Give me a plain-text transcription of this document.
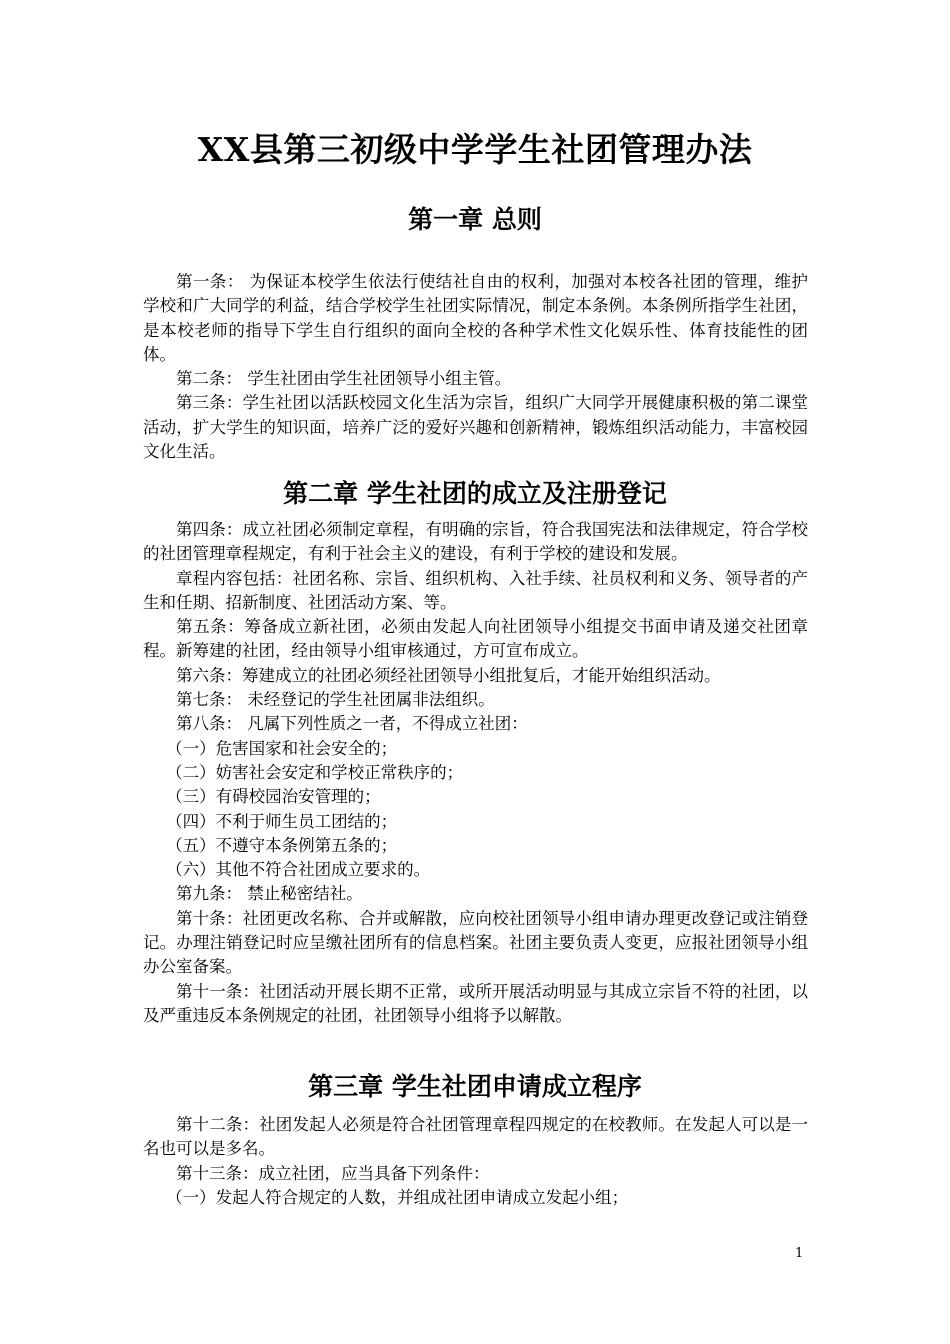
XX县第三初级中学学生社团管理办法
第一章 总则

第一条： 为保证本校学生依法行使结社自由的权利，加强对本校各社团的管理，维护学校和广大同学的利益，结合学校学生社团实际情况，制定本条例。本条例所指学生社团，是本校老师的指导下学生自行组织的面向全校的各种学术性文化娱乐性、体育技能性的团体。

第二条： 学生社团由学生社团领导小组主管。

第三条：学生社团以活跃校园文化生活为宗旨，组织广大同学开展健康积极的第二课堂活动，扩大学生的知识面，培养广泛的爱好兴趣和创新精神，锻炼组织活动能力，丰富校园文化生活。

第二章 学生社团的成立及注册登记

第四条：成立社团必须制定章程，有明确的宗旨，符合我国宪法和法律规定，符合学校的社团管理章程规定，有利于社会主义的建设，有利于学校的建设和发展。

章程内容包括：社团名称、宗旨、组织机构、入社手续、社员权利和义务、领导者的产生和任期、招新制度、社团活动方案、等。

第五条：筹备成立新社团，必须由发起人向社团领导小组提交书面申请及递交社团章程。新筹建的社团，经由领导小组审核通过，方可宣布成立。

第六条：筹建成立的社团必须经社团领导小组批复后，才能开始组织活动。

第七条： 未经登记的学生社团属非法组织。

第八条： 凡属下列性质之一者，不得成立社团：

（一）危害国家和社会安全的；

（二）妨害社会安定和学校正常秩序的；

（三）有碍校园治安管理的；

（四）不利于师生员工团结的；

（五）不遵守本条例第五条的；

（六）其他不符合社团成立要求的。

第九条： 禁止秘密结社。

第十条：社团更改名称、合并或解散，应向校社团领导小组申请办理更改登记或注销登记。办理注销登记时应呈缴社团所有的信息档案。社团主要负责人变更，应报社团领导小组办公室备案。

第十一条：社团活动开展长期不正常，或所开展活动明显与其成立宗旨不符的社团，以及严重违反本条例规定的社团，社团领导小组将予以解散。

第三章 学生社团申请成立程序

第十二条：社团发起人必须是符合社团管理章程四规定的在校教师。在发起人可以是一名也可以是多名。

第十三条：成立社团，应当具备下列条件：

（一）发起人符合规定的人数，并组成社团申请成立发起小组；

1
